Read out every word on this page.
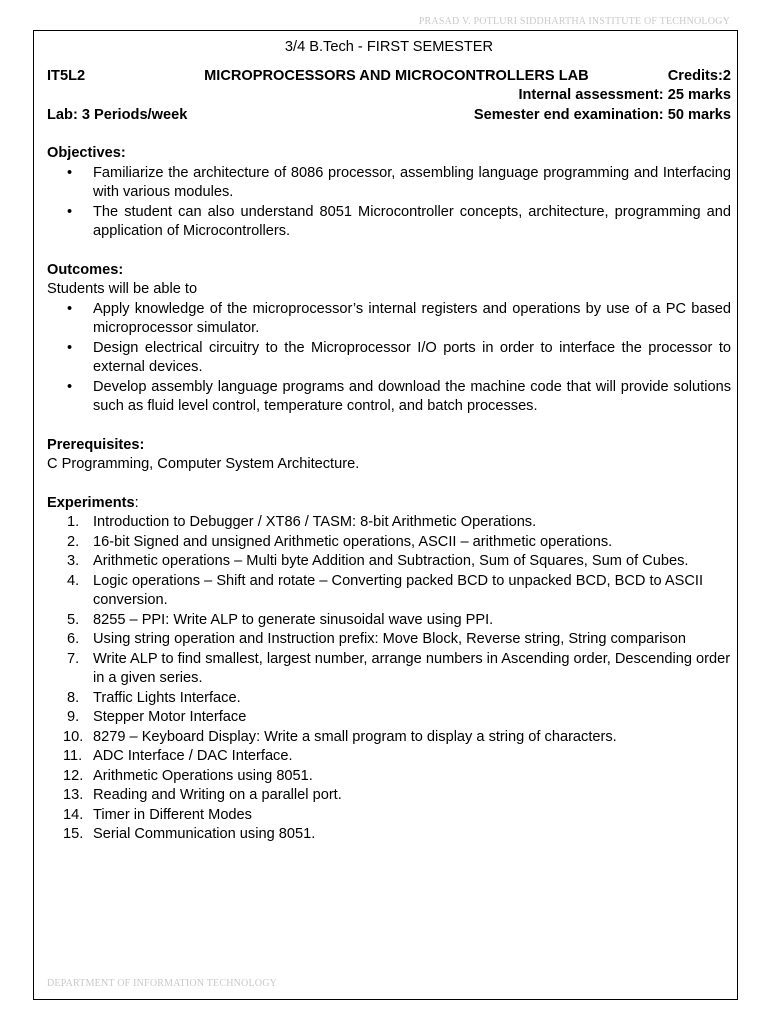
PRASAD V. POTLURI SIDDHARTHA INSTITUTE OF TECHNOLOGY

3/4 B.Tech - FIRST SEMESTER

IT5L2	MICROPROCESSORS AND MICROCONTROLLERS LAB	Credits:2

Internal assessment: 25 marks

Lab: 3 Periods/week	Semester end examination: 50 marks

Objectives:

• Familiarize the architecture of 8086 processor, assembling language programming and Interfacing with various modules.
• The student can also understand 8051 Microcontroller concepts, architecture, programming and application of Microcontrollers.

Outcomes:

Students will be able to

• Apply knowledge of the microprocessor’s internal registers and operations by use of a PC based microprocessor simulator.
• Design electrical circuitry to the Microprocessor I/O ports in order to interface the processor to external devices.
• Develop assembly language programs and download the machine code that will provide solutions such as fluid level control, temperature control, and batch processes.

Prerequisites:

C Programming, Computer System Architecture.

Experiments:

1. Introduction to Debugger / XT86 / TASM: 8-bit Arithmetic Operations.
2. 16-bit Signed and unsigned Arithmetic operations, ASCII – arithmetic operations.
3. Arithmetic operations – Multi byte Addition and Subtraction, Sum of Squares, Sum of Cubes.
4. Logic operations – Shift and rotate – Converting packed BCD to unpacked BCD, BCD to ASCII conversion.
5. 8255 – PPI: Write ALP to generate sinusoidal wave using PPI.
6. Using string operation and Instruction prefix: Move Block, Reverse string, String comparison
7. Write ALP to find smallest, largest number, arrange numbers in Ascending order, Descending order in a given series.
8. Traffic Lights Interface.
9. Stepper Motor Interface
10. 8279 – Keyboard Display: Write a small program to display a string of characters.
11. ADC Interface / DAC Interface.
12. Arithmetic Operations using 8051.
13. Reading and Writing on a parallel port.
14. Timer in Different Modes
15. Serial Communication using 8051.
DEPARTMENT OF INFORMATION TECHNOLOGY
